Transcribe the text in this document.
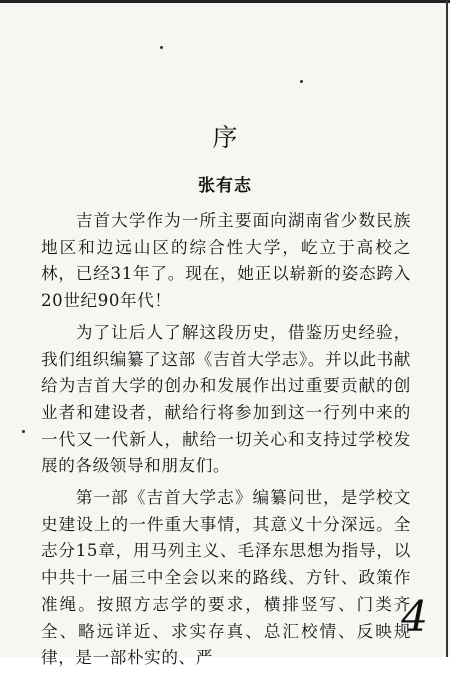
序
张有志

吉首大学作为一所主要面向湖南省少数民族地区和边远山区的综合性大学，屹立于高校之林，已经31年了。现在，她正以崭新的姿态跨入20世纪90年代！

为了让后人了解这段历史，借鉴历史经验，我们组织编纂了这部《吉首大学志》。并以此书献给为吉首大学的创办和发展作出过重要贡献的创业者和建设者，献给行将参加到这一行列中来的一代又一代新人，献给一切关心和支持过学校发展的各级领导和朋友们。

第一部《吉首大学志》编纂问世，是学校文史建设上的一件重大事情，其意义十分深远。全志分15章，用马列主义、毛泽东思想为指导，以中共十一届三中全会以来的路线、方针、政策作准绳。按照方志学的要求，横排竖写、门类齐全、略远详近、求实存真、总汇校情、反映规律，是一部朴实的、严

4
